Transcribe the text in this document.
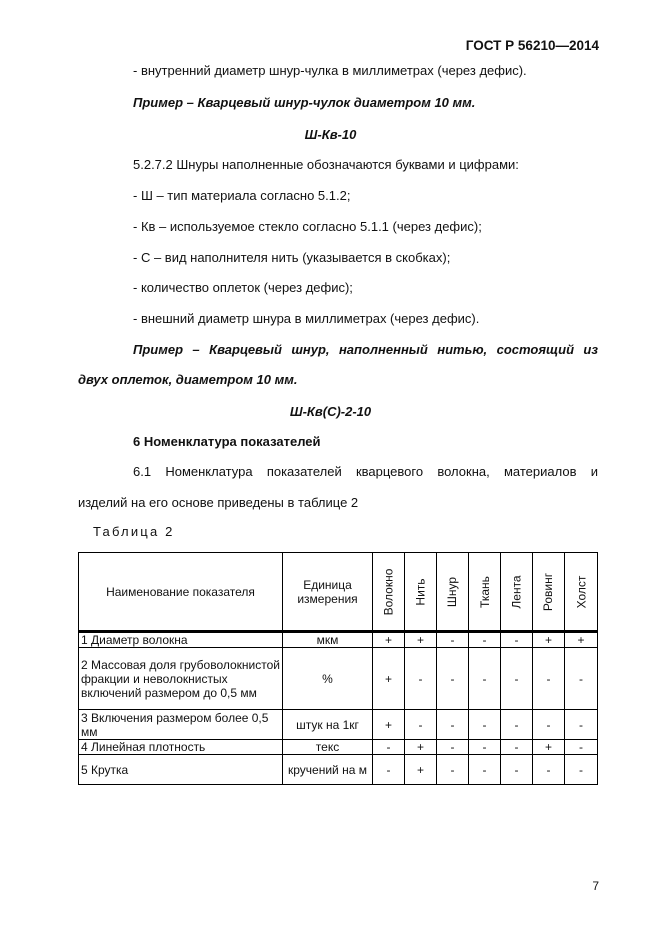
ГОСТ Р 56210—2014
- внутренний диаметр шнур-чулка в миллиметрах (через дефис).
Пример – Кварцевый шнур-чулок диаметром 10 мм.
Ш-Кв-10
5.2.7.2 Шнуры наполненные обозначаются буквами и цифрами:
- Ш – тип материала согласно 5.1.2;
- Кв – используемое стекло согласно 5.1.1 (через дефис);
- С – вид наполнителя нить (указывается в скобках);
- количество оплеток (через дефис);
- внешний диаметр шнура в миллиметрах (через дефис).
Пример – Кварцевый шнур, наполненный нитью, состоящий из
двух оплеток, диаметром 10 мм.
Ш-Кв(С)-2-10
6 Номенклатура показателей
6.1 Номенклатура показателей кварцевого волокна, материалов и
изделий на его основе приведены в таблице 2
Таблица 2
Наименование показателя	Единица измерения	Волокно	Нить	Шнур	Ткань	Лента	Ровинг	Холст

1 Диаметр волокна	мкм	+	+	-	-	-	+	+
2 Массовая доля грубоволокнистой фракции и неволокнистых включений размером до 0,5 мм	%	+	-	-	-	-	-	-
3 Включения размером более 0,5 мм	штук на 1кг	+	-	-	-	-	-	-
4 Линейная плотность	текс	-	+	-	-	-	+	-
5 Крутка	кручений на м	-	+	-	-	-	-	-
7
